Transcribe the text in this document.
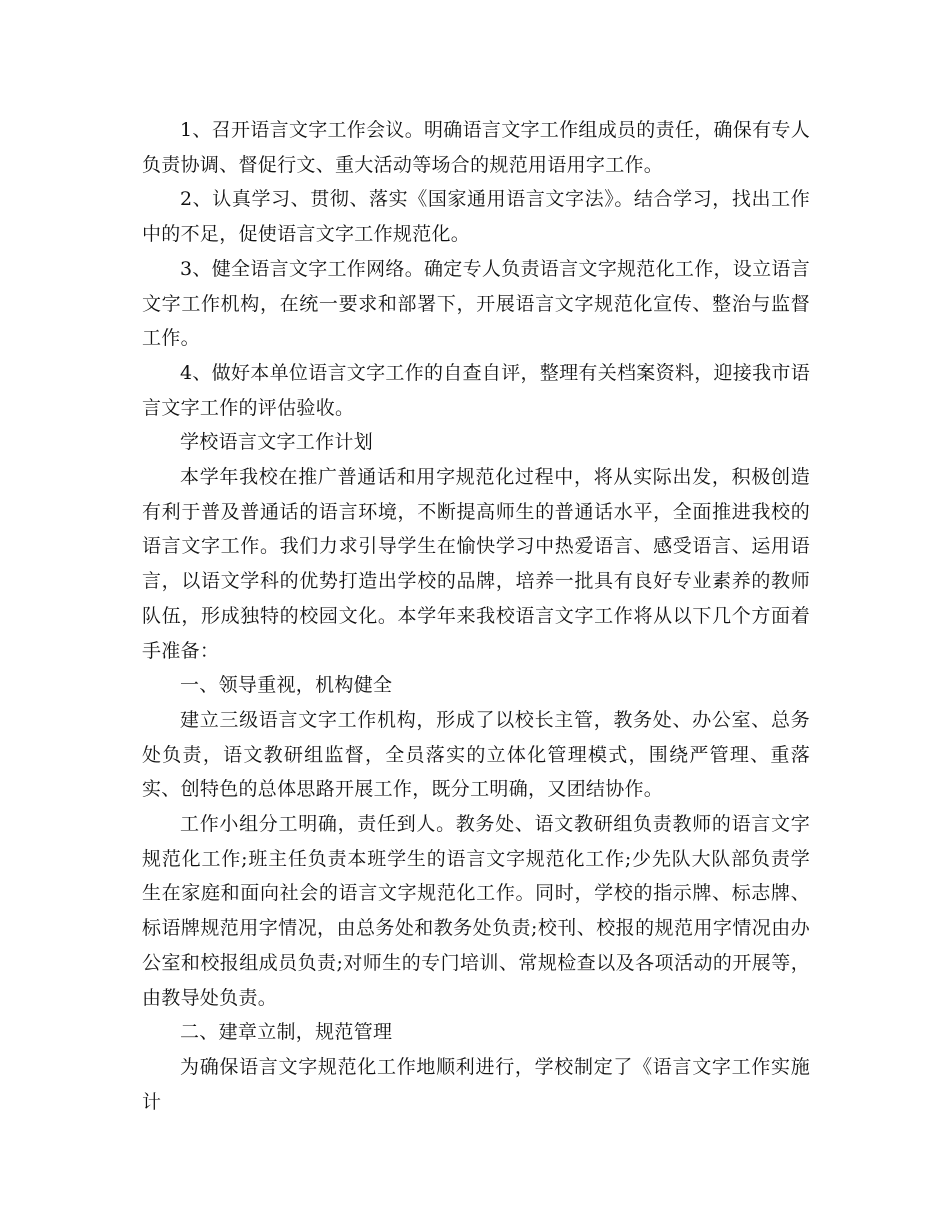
1、召开语言文字工作会议。明确语言文字工作组成员的责任，确保有专人负责协调、督促行文、重大活动等场合的规范用语用字工作。

2、认真学习、贯彻、落实《国家通用语言文字法》。结合学习，找出工作中的不足，促使语言文字工作规范化。

3、健全语言文字工作网络。确定专人负责语言文字规范化工作，设立语言文字工作机构，在统一要求和部署下，开展语言文字规范化宣传、整治与监督工作。

4、做好本单位语言文字工作的自查自评，整理有关档案资料，迎接我市语言文字工作的评估验收。

学校语言文字工作计划

本学年我校在推广普通话和用字规范化过程中，将从实际出发，积极创造有利于普及普通话的语言环境，不断提高师生的普通话水平，全面推进我校的语言文字工作。我们力求引导学生在愉快学习中热爱语言、感受语言、运用语言，以语文学科的优势打造出学校的品牌，培养一批具有良好专业素养的教师队伍，形成独特的校园文化。本学年来我校语言文字工作将从以下几个方面着手准备：

一、领导重视，机构健全

建立三级语言文字工作机构，形成了以校长主管，教务处、办公室、总务处负责，语文教研组监督，全员落实的立体化管理模式，围绕严管理、重落实、创特色的总体思路开展工作，既分工明确，又团结协作。

工作小组分工明确，责任到人。教务处、语文教研组负责教师的语言文字规范化工作;班主任负责本班学生的语言文字规范化工作;少先队大队部负责学生在家庭和面向社会的语言文字规范化工作。同时，学校的指示牌、标志牌、标语牌规范用字情况，由总务处和教务处负责;校刊、校报的规范用字情况由办公室和校报组成员负责;对师生的专门培训、常规检查以及各项活动的开展等，由教导处负责。

二、建章立制，规范管理

为确保语言文字规范化工作地顺利进行，学校制定了《语言文字工作实施计
